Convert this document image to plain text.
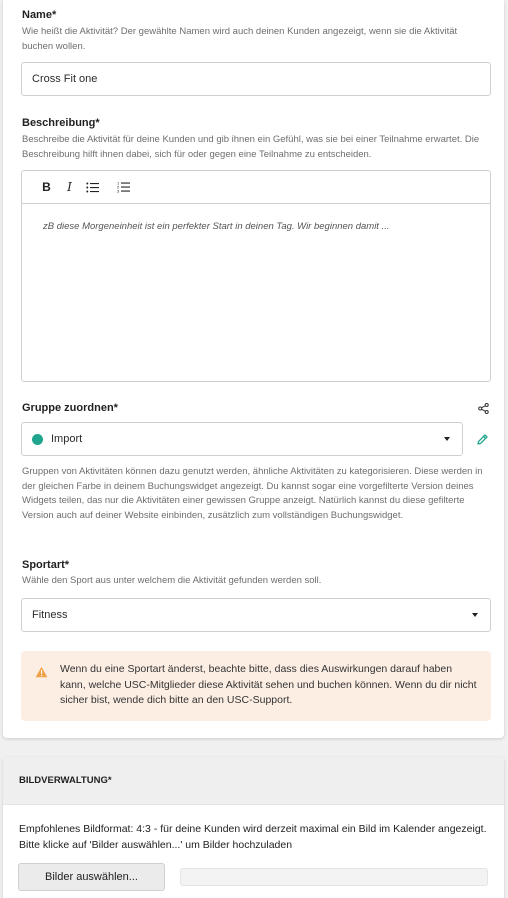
Name*
Wie heißt die Aktivität? Der gewählte Namen wird auch deinen Kunden angezeigt, wenn sie die Aktivität buchen wollen.
Cross Fit one
Beschreibung*
Beschreibe die Aktivität für deine Kunden und gib ihnen ein Gefühl, was sie bei einer Teilnahme erwartet. Die Beschreibung hilft ihnen dabei, sich für oder gegen eine Teilnahme zu entscheiden.
B	I	1
2
3
zB diese Morgeneinheit ist ein perfekter Start in deinen Tag. Wir beginnen damit ...
Gruppe zuordnen*
Import
Gruppen von Aktivitäten können dazu genutzt werden, ähnliche Aktivitäten zu kategorisieren. Diese werden in der gleichen Farbe in deinem Buchungswidget angezeigt. Du kannst sogar eine vorgefilterte Version deines Widgets teilen, das nur die Aktivitäten einer gewissen Gruppe anzeigt. Natürlich kannst du diese gefilterte Version auch auf deiner Website einbinden, zusätzlich zum vollständigen Buchungswidget.
Sportart*
Wähle den Sport aus unter welchem die Aktivität gefunden werden soll.
Fitness
Wenn du eine Sportart änderst, beachte bitte, dass dies Auswirkungen darauf haben kann, welche USC-Mitglieder diese Aktivität sehen und buchen können. Wenn du dir nicht sicher bist, wende dich bitte an den USC-Support.
BILDVERWALTUNG*
Empfohlenes Bildformat: 4:3 - für deine Kunden wird derzeit maximal ein Bild im Kalender angezeigt. Bitte klicke auf 'Bilder auswählen...' um Bilder hochzuladen
Bilder auswählen...
